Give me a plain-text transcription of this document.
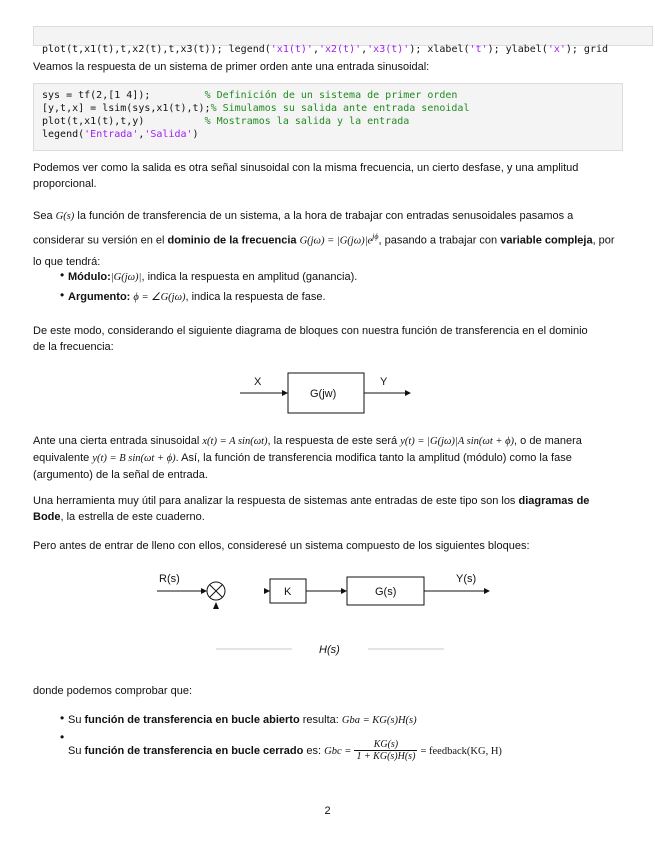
plot(t,x1(t),t,x2(t),t,x3(t)); legend('x1(t)','x2(t)','x3(t)'); xlabel('t'); ylabel('x'); grid

Veamos la respuesta de un sistema de primer orden ante una entrada sinusoidal:
sys = tf(2,[1 4]);         % Definición de un sistema de primer orden
[y,t,x] = lsim(sys,x1(t),t);% Simulamos su salida ante entrada senoidal
plot(t,x1(t),t,y)          % Mostramos la salida y la entrada
legend('Entrada','Salida')
Podemos ver como la salida es otra señal sinusoidal con la misma frecuencia, un cierto desfase, y una amplitud proporcional.
Sea G(s) la función de transferencia de un sistema, a la hora de trabajar con entradas senusoidales pasamos a considerar su versión en el dominio de la frecuencia $G(j\omega) = |G(j\omega)|e^{j\phi}$, pasando a trabajar con variable compleja, por lo que tendrá:
• Módulo:|G(jω)|, indica la respuesta en amplitud (ganancia).
• Argumento: ϕ = ∠G(jω), indica la respuesta de fase.
De este modo, considerando el siguiente diagrama de bloques con nuestra función de transferencia en el dominio de la frecuencia:
X
G(jw)
Y
Ante una cierta entrada sinusoidal x(t) = A sin(ωt), la respuesta de este será y(t) = |G(jω)|A sin(ωt + ϕ), o de manera equivalente y(t) = B sin(ωt + ϕ). Así, la función de transferencia modifica tanto la amplitud (módulo) como la fase (argumento) de la señal de entrada.
Una herramienta muy útil para analizar la respuesta de sistemas ante entradas de este tipo son los diagramas de Bode, la estrella de este cuaderno.
Pero antes de entrar de lleno con ellos, consideresé un sistema compuesto de los siguientes bloques:
R(s)
K	G(s)
Y(s)
H(s)
donde podemos comprobar que:
• Su función de transferencia en bucle abierto resulta: Gba = KG(s)H(s)
•
Su función de transferencia en bucle cerrado es: Gbc = $\frac{KG(s)}{1 + KG(s)H(s)}$ = feedback(KG, H)
2
